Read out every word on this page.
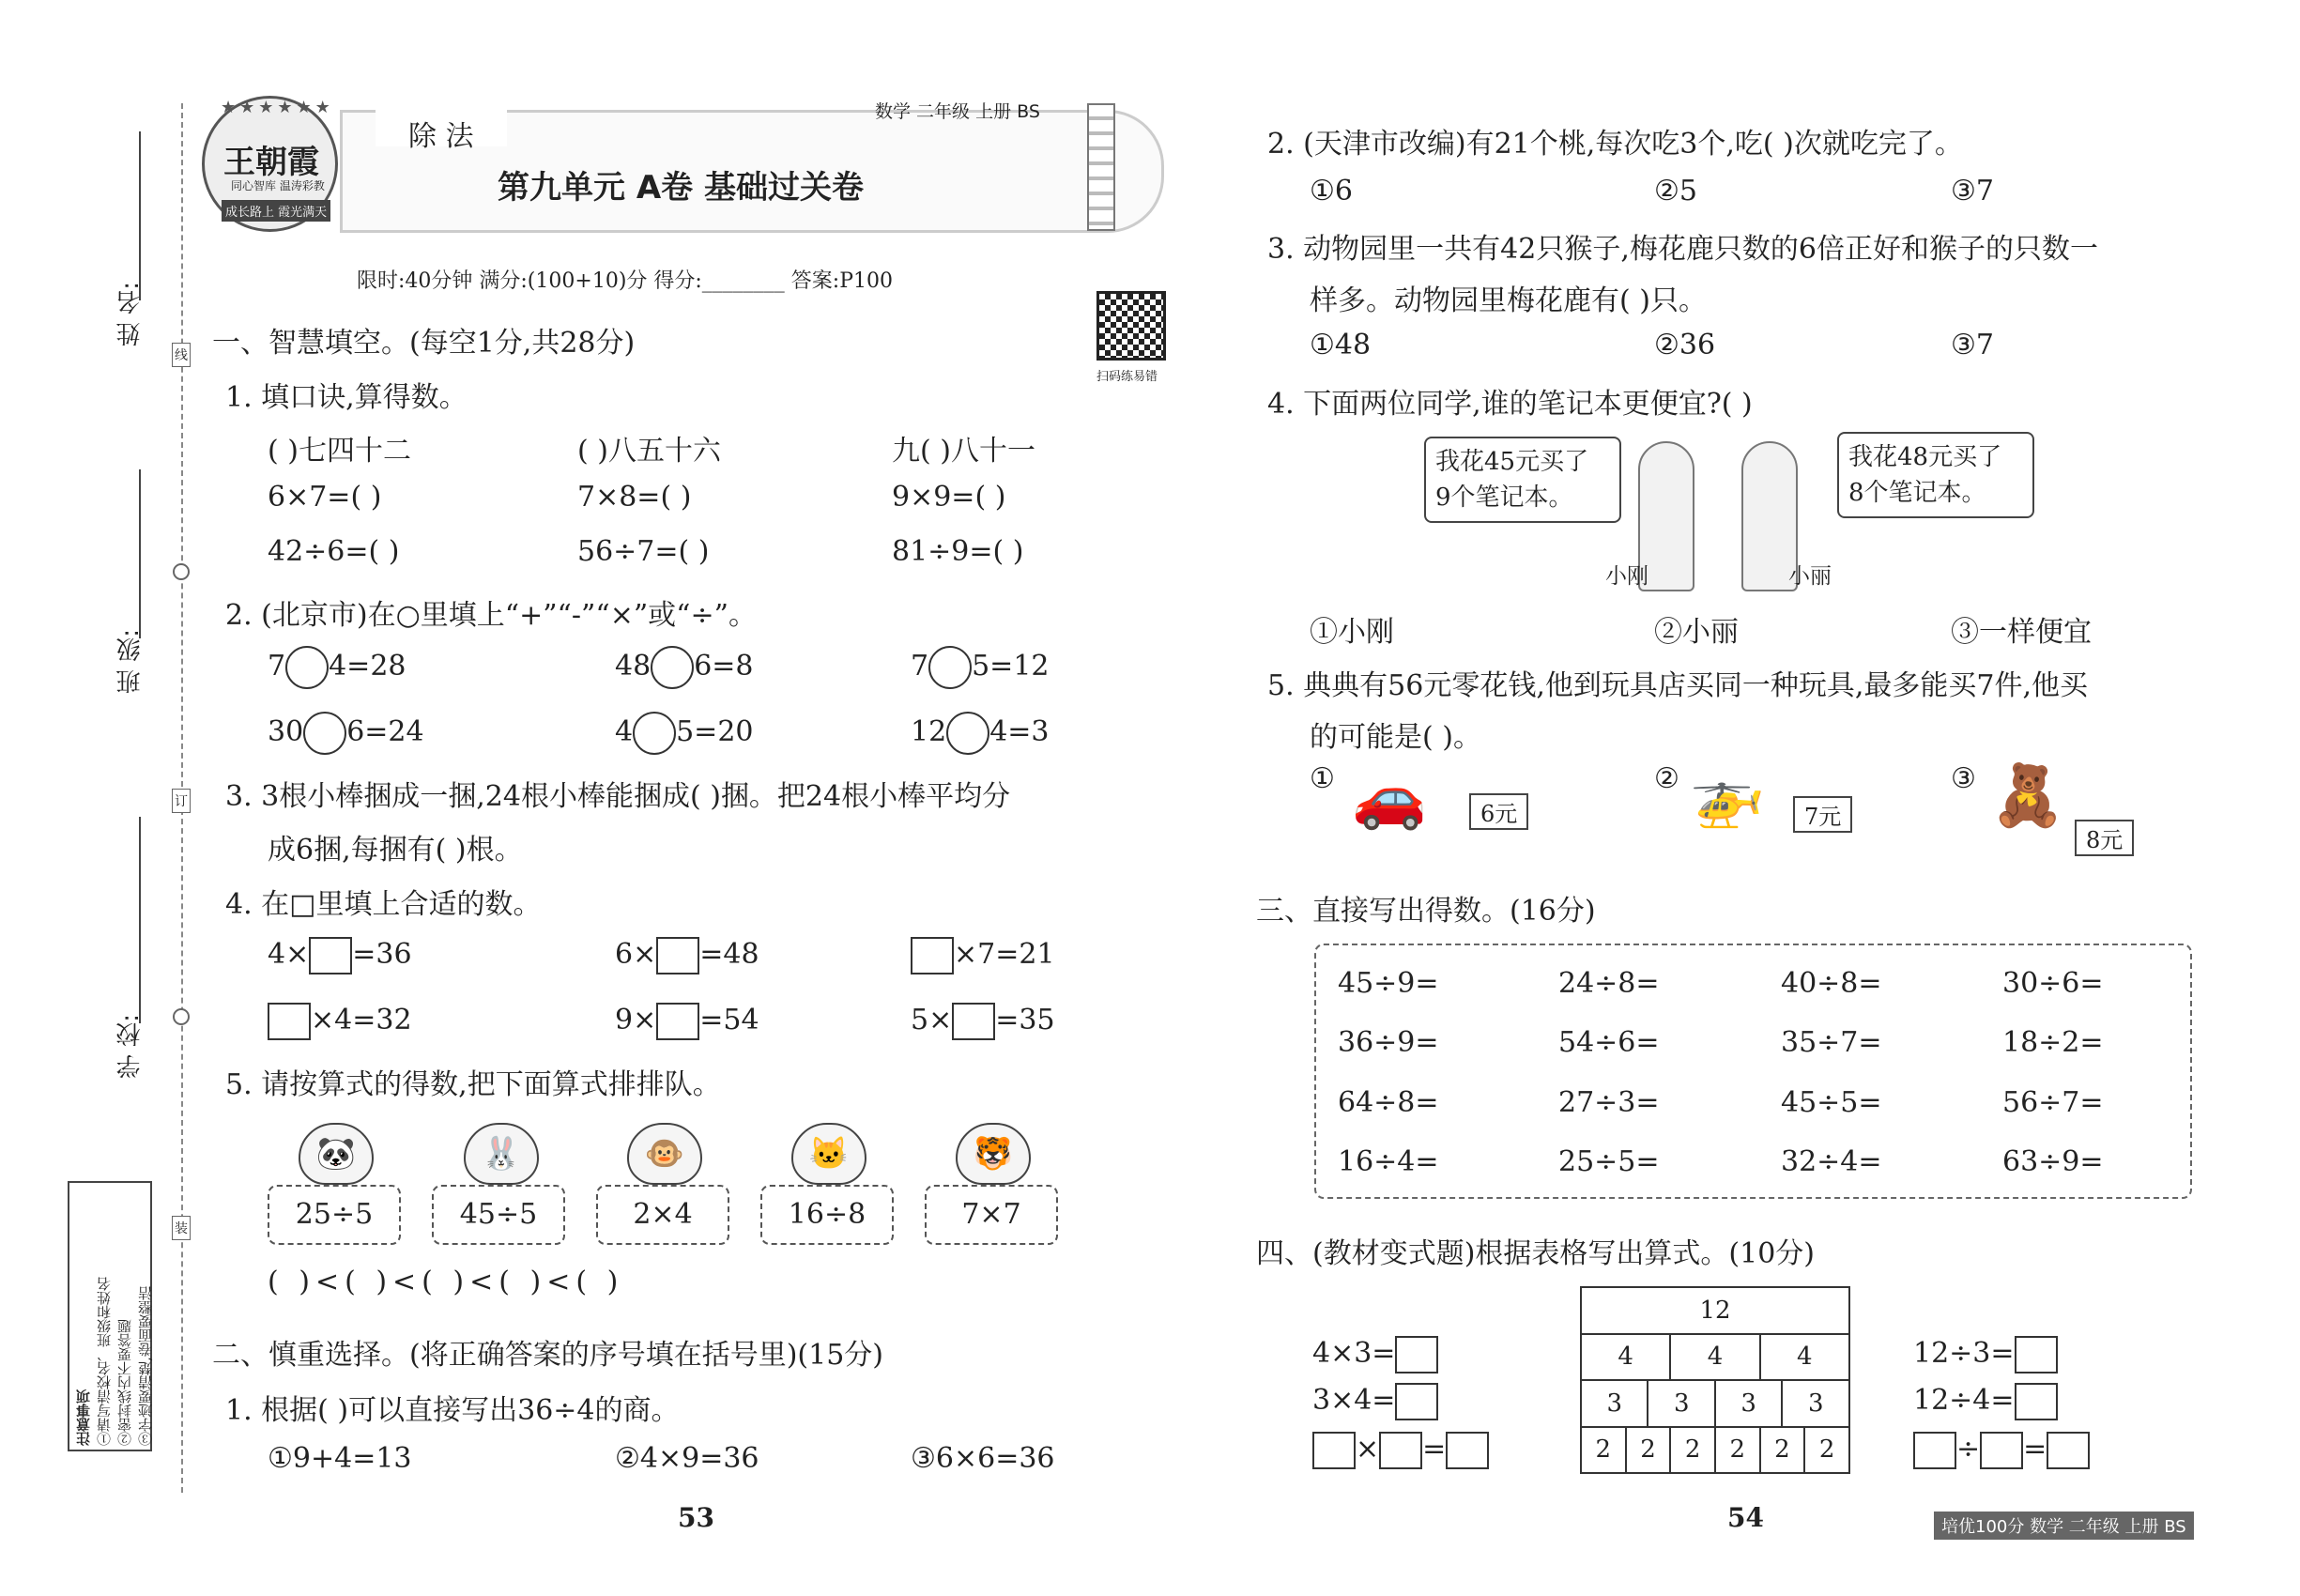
姓 名:
班 级:
学 校:
线
订
装
注意事项 ①请写清校名、班级和姓名 ②密封线内不要答题 ③字迹要清楚,卷面要整洁
王朝霞
同心智库 温涛彩教
成长路上 霞光满天
★★★★★★
除 法
数学 二年级 上册 BS
第九单元 A卷 基础过关卷
限时:40分钟 满分:(100+10)分 得分:________ 答案:P100
扫码练易错
一、智慧填空。(每空1分,共28分)
1. 填口诀,算得数。
( )七四十二	( )八五十六	九( )八十一
6×7=( )	7×8=( )	9×9=( )
42÷6=( )	56÷7=( )	81÷9=( )
2. (北京市)在○里填上“+”“-”“×”或“÷”。
7 4=28	48 6=8	7 5=12
30 6=24	4 5=20	12 4=3
3. 3根小棒捆成一捆,24根小棒能捆成( )捆。把24根小棒平均分
成6捆,每捆有( )根。
4. 在□里填上合适的数。
4× =36	6× =48	×7=21
×4=32	9× =54	5× =35
5. 请按算式的得数,把下面算式排排队。
🐼	🐰	🐵	🐱	🐯
25÷5	45÷5	2×4	16÷8	7×7
( )<( )<( )<( )<( )
二、慎重选择。(将正确答案的序号填在括号里)(15分)
1. 根据( )可以直接写出36÷4的商。
①9+4=13	②4×9=36	③6×6=36
53
2. (天津市改编)有21个桃,每次吃3个,吃( )次就吃完了。
①6	②5	③7
3. 动物园里一共有42只猴子,梅花鹿只数的6倍正好和猴子的只数一
样多。动物园里梅花鹿有( )只。
①48	②36	③7
4. 下面两位同学,谁的笔记本更便宜?( )
我花45元买了
9个笔记本。
我花48元买了
8个笔记本。
小刚	小丽
①小刚	②小丽	③一样便宜
5. 典典有56元零花钱,他到玩具店买同一种玩具,最多能买7件,他买
的可能是( )。
① 🚗	6元
② 🚁	7元
③ 🧸
8元
三、直接写出得数。(16分)
45÷9=	24÷8=	40÷8=	30÷6=
36÷9=	54÷6=	35÷7=	18÷2=
64÷8=	27÷3=	45÷5=	56÷7=
16÷4=	25÷5=	32÷4=	63÷9=
四、(教材变式题)根据表格写出算式。(10分)
4×3=
3×4=
× =
12							
4			4		4		
3		3		3		3	
2	2		2	2	2		2
12÷3=
12÷4=
÷ =
54	培优100分 数学 二年级 上册 BS
